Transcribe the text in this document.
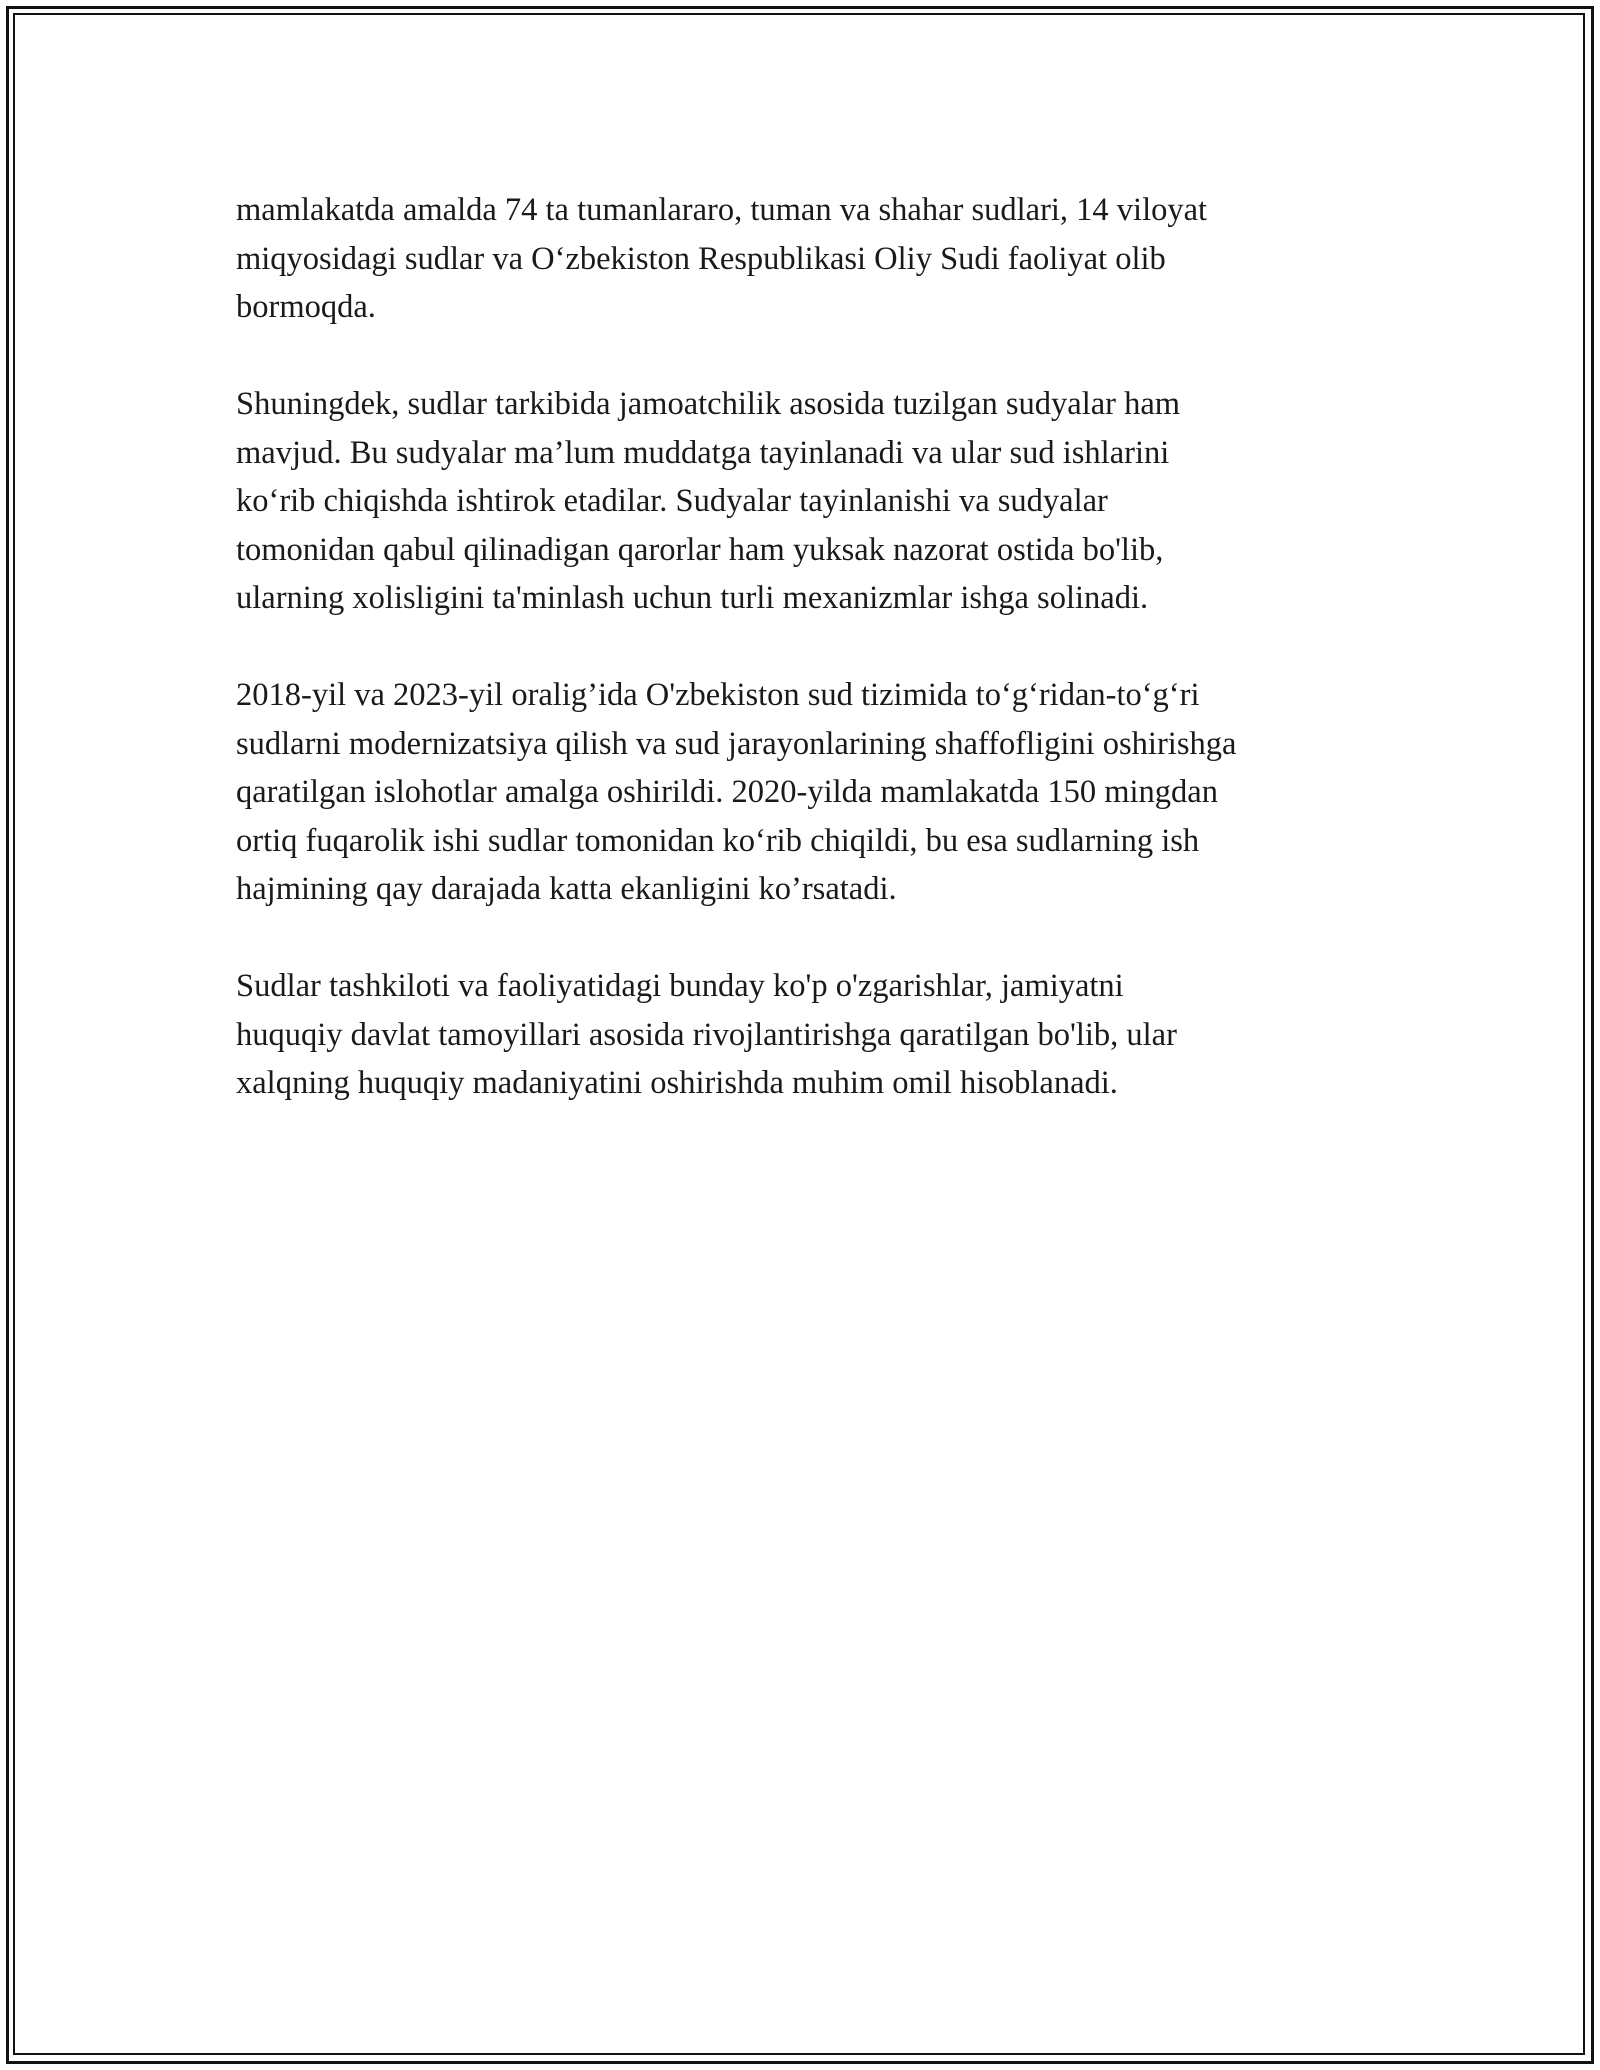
mamlakatda amalda 74 ta tumanlararo, tuman va shahar sudlari, 14 viloyat
miqyosidagi sudlar va O‘zbekiston Respublikasi Oliy Sudi faoliyat olib
bormoqda.

Shuningdek, sudlar tarkibida jamoatchilik asosida tuzilgan sudyalar ham
mavjud. Bu sudyalar ma’lum muddatga tayinlanadi va ular sud ishlarini
ko‘rib chiqishda ishtirok etadilar. Sudyalar tayinlanishi va sudyalar
tomonidan qabul qilinadigan qarorlar ham yuksak nazorat ostida bo'lib,
ularning xolisligini ta'minlash uchun turli mexanizmlar ishga solinadi.

2018-yil va 2023-yil oralig’ida O'zbekiston sud tizimida to‘g‘ridan-to‘g‘ri
sudlarni modernizatsiya qilish va sud jarayonlarining shaffofligini oshirishga
qaratilgan islohotlar amalga oshirildi. 2020-yilda mamlakatda 150 mingdan
ortiq fuqarolik ishi sudlar tomonidan ko‘rib chiqildi, bu esa sudlarning ish
hajmining qay darajada katta ekanligini ko’rsatadi.

Sudlar tashkiloti va faoliyatidagi bunday ko'p o'zgarishlar, jamiyatni
huquqiy davlat tamoyillari asosida rivojlantirishga qaratilgan bo'lib, ular
xalqning huquqiy madaniyatini oshirishda muhim omil hisoblanadi.
